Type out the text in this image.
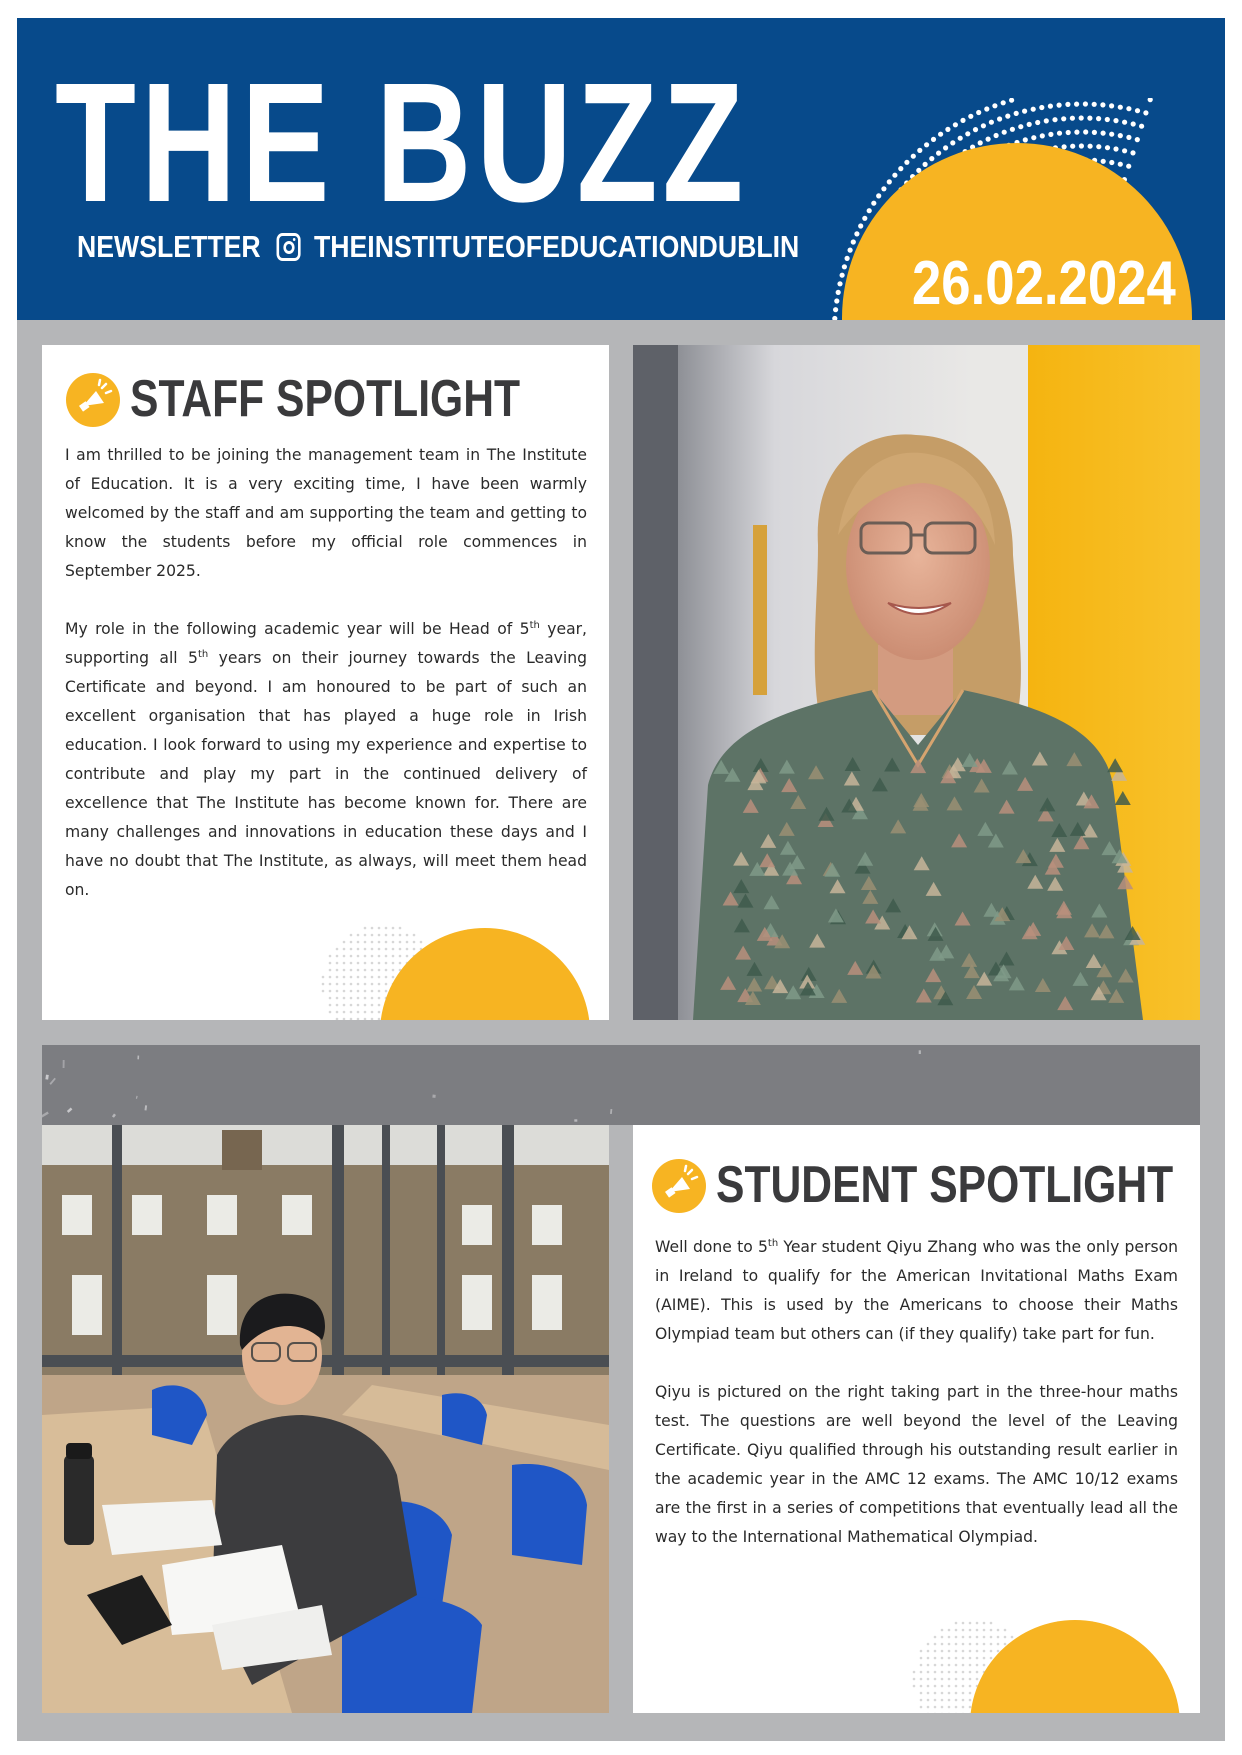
THE BUZZ
NEWSLETTER THEINSTITUTEOFEDUCATIONDUBLIN
26.02.2024
STAFF SPOTLIGHT

I am thrilled to be joining the management team in The Institute of Education. It is a very exciting time, I have been warmly welcomed by the staff and am supporting the team and getting to know the students before my official role commences in September 2025.

My role in the following academic year will be Head of 5th year, supporting all 5th years on their journey towards the Leaving Certificate and beyond. I am honoured to be part of such an excellent organisation that has played a huge role in Irish education. I look forward to using my experience and expertise to contribute and play my part in the continued delivery of excellence that The Institute has become known for. There are many challenges and innovations in education these days and I have no doubt that The Institute, as always, will meet them head on.

STUDENT SPOTLIGHT

Well done to 5th Year student Qiyu Zhang who was the only person in Ireland to qualify for the American Invitational Maths Exam (AIME). This is used by the Americans to choose their Maths Olympiad team but others can (if they qualify) take part for fun.

Qiyu is pictured on the right taking part in the three-hour maths test. The questions are well beyond the level of the Leaving Certificate. Qiyu qualified through his outstanding result earlier in the academic year in the AMC 12 exams. The AMC 10/12 exams are the first in a series of competitions that eventually lead all the way to the International Mathematical Olympiad.
